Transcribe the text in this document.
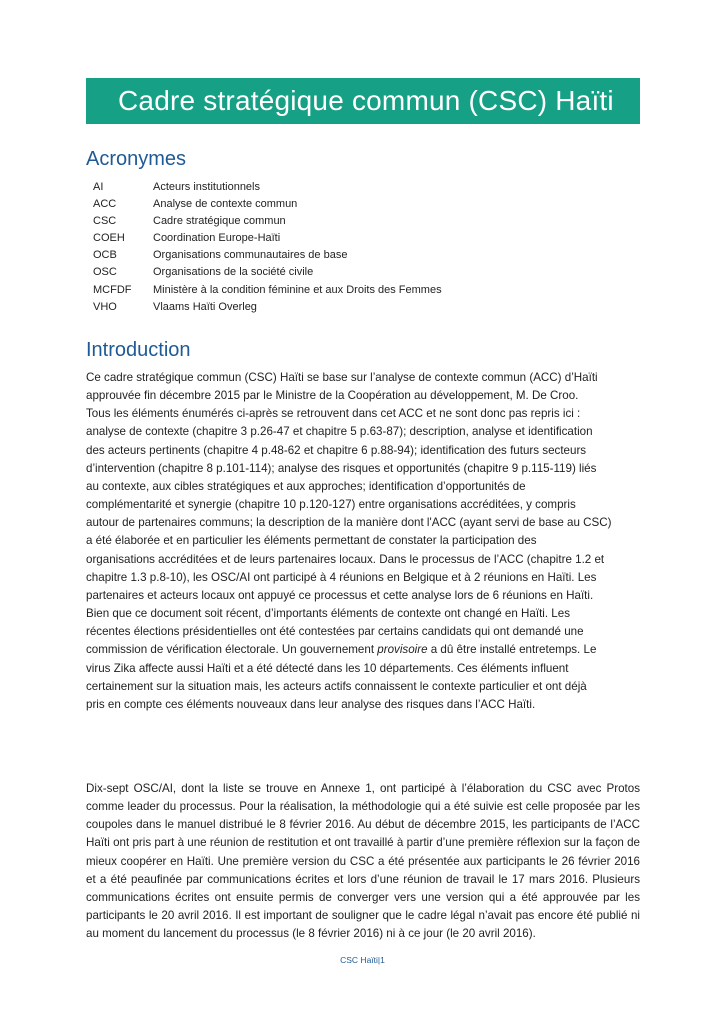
Cadre stratégique commun (CSC) Haïti
Acronymes
AI	Acteurs institutionnels
ACC	Analyse de contexte commun
CSC	Cadre stratégique commun
COEH	Coordination Europe-Haïti
OCB	Organisations communautaires de base
OSC	Organisations de la société civile
MCFDF	Ministère à la condition féminine et aux Droits des Femmes
VHO	Vlaams Haïti Overleg
Introduction
Ce cadre stratégique commun (CSC) Haïti se base sur l’analyse de contexte commun (ACC) d’Haïti
approuvée fin décembre 2015 par le Ministre de la Coopération au développement, M. De Croo.
Tous les éléments énumérés ci-après se retrouvent dans cet ACC et ne sont donc pas repris ici :
analyse de contexte (chapitre 3 p.26-47 et chapitre 5 p.63-87); description, analyse et identification
des acteurs pertinents (chapitre 4 p.48-62 et chapitre 6 p.88-94); identification des futurs secteurs
d’intervention (chapitre 8 p.101-114); analyse des risques et opportunités (chapitre 9 p.115-119) liés
au contexte, aux cibles stratégiques et aux approches; identification d’opportunités de
complémentarité et synergie (chapitre 10 p.120-127) entre organisations accréditées, y compris
autour de partenaires communs; la description de la manière dont l'ACC (ayant servi de base au CSC)
a été élaborée et en particulier les éléments permettant de constater la participation des
organisations accréditées et de leurs partenaires locaux. Dans le processus de l’ACC (chapitre 1.2 et
chapitre 1.3 p.8-10), les OSC/AI ont participé à 4 réunions en Belgique et à 2 réunions en Haïti. Les
partenaires et acteurs locaux ont appuyé ce processus et cette analyse lors de 6 réunions en Haïti.
Bien que ce document soit récent, d’importants éléments de contexte ont changé en Haïti. Les
récentes élections présidentielles ont été contestées par certains candidats qui ont demandé une
commission de vérification électorale. Un gouvernement provisoire a dû être installé entretemps. Le
virus Zika affecte aussi Haïti et a été détecté dans les 10 départements. Ces éléments influent
certainement sur la situation mais, les acteurs actifs connaissent le contexte particulier et ont déjà
pris en compte ces éléments nouveaux dans leur analyse des risques dans l’ACC Haïti.

Dix-sept OSC/AI, dont la liste se trouve en Annexe 1, ont participé à l’élaboration du CSC avec Protos comme leader du processus. Pour la réalisation, la méthodologie qui a été suivie est celle proposée par les coupoles dans le manuel distribué le 8 février 2016. Au début de décembre 2015, les participants de l’ACC Haïti ont pris part à une réunion de restitution et ont travaillé à partir d’une première réflexion sur la façon de mieux coopérer en Haïti. Une première version du CSC a été présentée aux participants le 26 février 2016 et a été peaufinée par communications écrites et lors d’une réunion de travail le 17 mars 2016. Plusieurs communications écrites ont ensuite permis de converger vers une version qui a été approuvée par les participants le 20 avril 2016. Il est important de souligner que le cadre légal n’avait pas encore été publié ni au moment du lancement du processus (le 8 février 2016) ni à ce jour (le 20 avril 2016).

CSC Haïti|1
